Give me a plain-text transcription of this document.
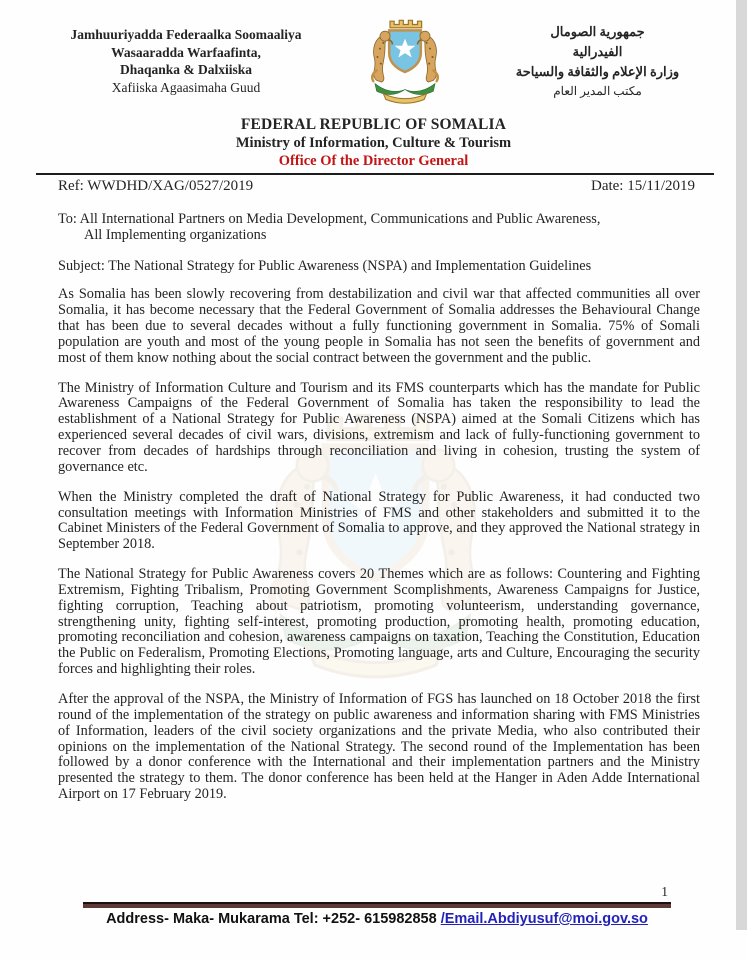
Jamhuuriyadda Federaalka Soomaaliya
Wasaaradda Warfaafinta,
Dhaqanka & Dalxiiska
Xafiiska Agaasimaha Guud
جمهورية الصومال
الفيدرالية
وزارة الإعلام والثقافة والسياحة
مكتب المدير العام
FEDERAL REPUBLIC OF SOMALIA
Ministry of Information, Culture & Tourism
Office Of the Director General
Ref: WWDHD/XAG/0527/2019	Date: 15/11/2019
To: All International Partners on Media Development, Communications and Public Awareness,
All Implementing organizations
Subject: The National Strategy for Public Awareness (NSPA) and Implementation Guidelines

As Somalia has been slowly recovering from destabilization and civil war that affected communities all over Somalia, it has become necessary that the Federal Government of Somalia addresses the Behavioural Change that has been due to several decades without a fully functioning government in Somalia. 75% of Somali population are youth and most of the young people in Somalia has not seen the benefits of government and most of them know nothing about the social contract between the government and the public.

The Ministry of Information Culture and Tourism and its FMS counterparts which has the mandate for Public Awareness Campaigns of the Federal Government of Somalia has taken the responsibility to lead the establishment of a National Strategy for Public Awareness (NSPA) aimed at the Somali Citizens which has experienced several decades of civil wars, divisions, extremism and lack of fully-functioning government to recover from decades of hardships through reconciliation and living in cohesion, trusting the system of governance etc.

When the Ministry completed the draft of National Strategy for Public Awareness, it had conducted two consultation meetings with Information Ministries of FMS and other stakeholders and submitted it to the Cabinet Ministers of the Federal Government of Somalia to approve, and they approved the National strategy in September 2018.

The National Strategy for Public Awareness covers 20 Themes which are as follows: Countering and Fighting Extremism, Fighting Tribalism, Promoting Government Scomplishments, Awareness Campaigns for Justice, fighting corruption, Teaching about patriotism, promoting volunteerism, understanding governance, strengthening unity, fighting self-interest, promoting production, promoting health, promoting education, promoting reconciliation and cohesion, awareness campaigns on taxation, Teaching the Constitution, Education the Public on Federalism, Promoting Elections, Promoting language, arts and Culture, Encouraging the security forces and highlighting their roles.

After the approval of the NSPA, the Ministry of Information of FGS has launched on 18 October 2018 the first round of the implementation of the strategy on public awareness and information sharing with FMS Ministries of Information, leaders of the civil society organizations and the private Media, who also contributed their opinions on the implementation of the National Strategy. The second round of the Implementation has been followed by a donor conference with the International and their implementation partners and the Ministry presented the strategy to them. The donor conference has been held at the Hanger in Aden Adde International Airport on 17 February 2019.

1
Address- Maka- Mukarama Tel: +252- 615982858 /Email.Abdiyusuf@moi.gov.so
